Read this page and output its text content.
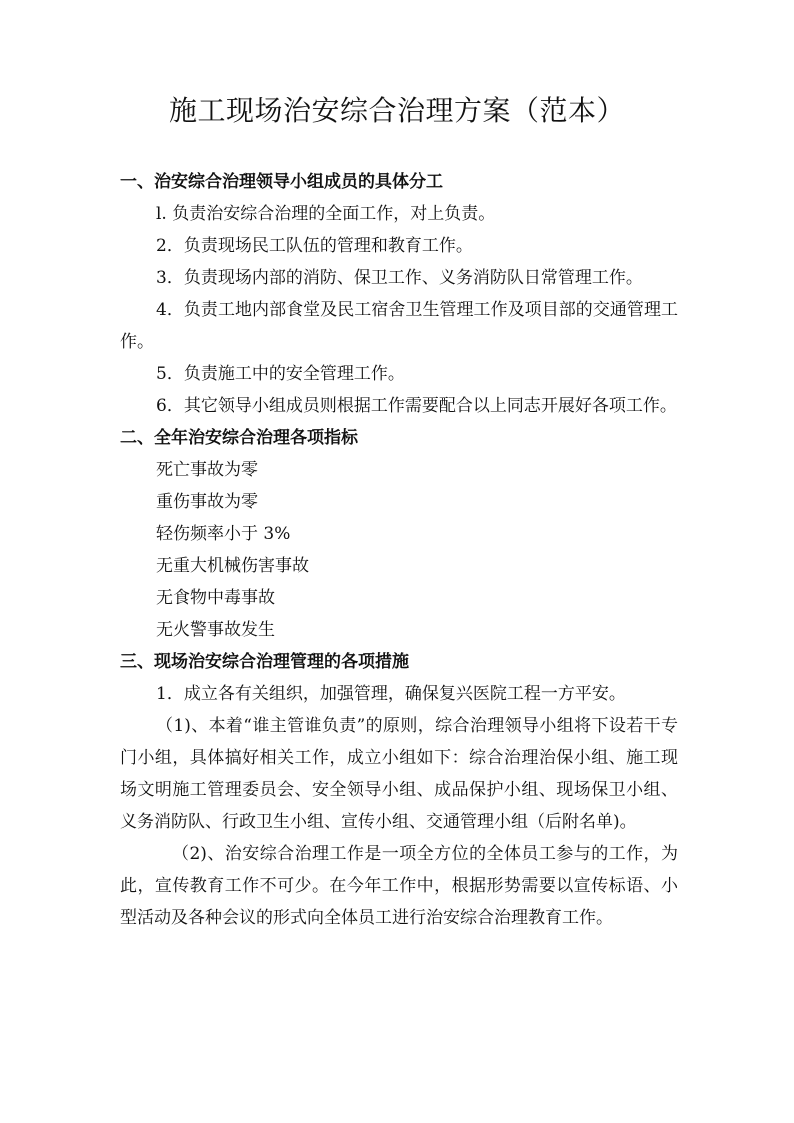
施工现场治安综合治理方案（范本）

一、治安综合治理领导小组成员的具体分工

l. 负责治安综合治理的全面工作，对上负责。

2．负责现场民工队伍的管理和教育工作。

3．负责现场内部的消防、保卫工作、义务消防队日常管理工作。

4．负责工地内部食堂及民工宿舍卫生管理工作及项目部的交通管理工作。

5．负责施工中的安全管理工作。

6．其它领导小组成员则根据工作需要配合以上同志开展好各项工作。

二、全年治安综合治理各项指标

死亡事故为零

重伤事故为零

轻伤频率小于 3%

无重大机械伤害事故

无食物中毒事故

无火警事故发生

三、现场治安综合治理管理的各项措施

1．成立各有关组织，加强管理，确保复兴医院工程一方平安。

（1)、本着“谁主管谁负责”的原则，综合治理领导小组将下设若干专门小组，具体搞好相关工作，成立小组如下：综合治理治保小组、施工现场文明施工管理委员会、安全领导小组、成品保护小组、现场保卫小组、义务消防队、行政卫生小组、宣传小组、交通管理小组（后附名单)。

（2)、治安综合治理工作是一项全方位的全体员工参与的工作，为此，宣传教育工作不可少。在今年工作中，根据形势需要以宣传标语、小型活动及各种会议的形式向全体员工进行治安综合治理教育工作。
